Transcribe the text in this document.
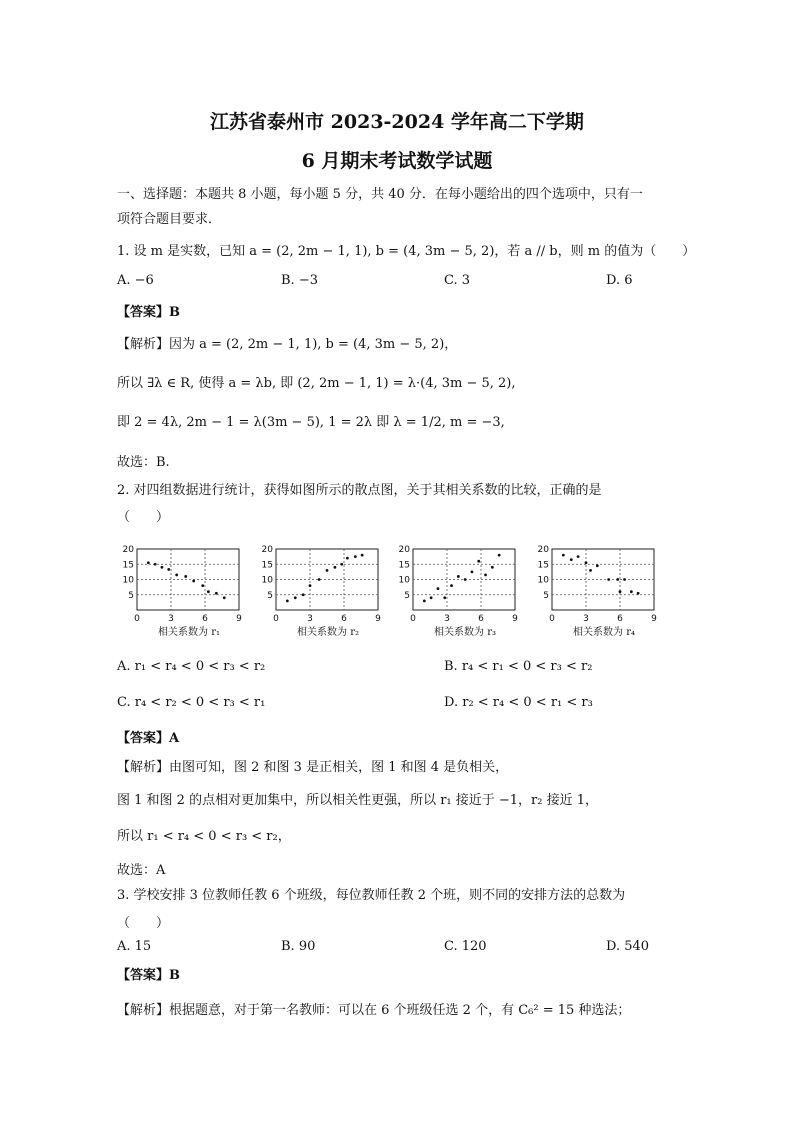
江苏省泰州市 2023-2024 学年高二下学期
6 月期末考试数学试题
一、选择题：本题共 8 小题，每小题 5 分，共 40 分．在每小题给出的四个选项中，只有一
项符合题目要求．
1. 设 m 是实数，已知 a = (2, 2m − 1, 1), b = (4, 3m − 5, 2)，若 a // b，则 m 的值为（　　）
A. −6	B. −3	C. 3	D. 6
【答案】B
【解析】因为 a = (2, 2m − 1, 1), b = (4, 3m − 5, 2)，
所以 ∃λ ∈ R, 使得 a = λb, 即 (2, 2m − 1, 1) = λ·(4, 3m − 5, 2),
即 2 = 4λ, 2m − 1 = λ(3m − 5), 1 = 2λ 即 λ = 1/2, m = −3,
故选：B.
2. 对四组数据进行统计，获得如图所示的散点图，关于其相关系数的比较，正确的是
（　　）
20
15
10
5
0	3	6	9
20
15
10
5
0	3	6	9
20
15
10
5
0	3	6	9
20
15
10
5
0	3	6	9
相关系数为 r₁	相关系数为 r₂	相关系数为 r₃	相关系数为 r₄
A. r₁ < r₄ < 0 < r₃ < r₂	B. r₄ < r₁ < 0 < r₃ < r₂
C. r₄ < r₂ < 0 < r₃ < r₁	D. r₂ < r₄ < 0 < r₁ < r₃
【答案】A
【解析】由图可知，图 2 和图 3 是正相关，图 1 和图 4 是负相关，
图 1 和图 2 的点相对更加集中，所以相关性更强，所以 r₁ 接近于 −1，r₂ 接近 1，
所以 r₁ < r₄ < 0 < r₃ < r₂，
故选：A
3. 学校安排 3 位教师任教 6 个班级，每位教师任教 2 个班，则不同的安排方法的总数为
（　　）
A. 15	B. 90	C. 120	D. 540
【答案】B
【解析】根据题意，对于第一名教师：可以在 6 个班级任选 2 个，有 C₆² = 15 种选法；
